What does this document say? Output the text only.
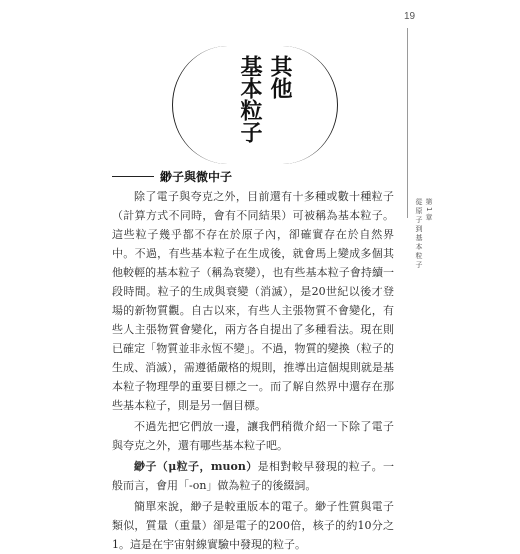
19
第1章
從原子到基本粒子
其他
基本粒子
緲子與微中子

除了電子與夸克之外，目前還有十多種或數十種粒子（計算方式不同時，會有不同結果）可被稱為基本粒子。這些粒子幾乎都不存在於原子內，卻確實存在於自然界中。不過，有些基本粒子在生成後，就會馬上變成多個其他較輕的基本粒子（稱為衰變），也有些基本粒子會持續一段時間。粒子的生成與衰變（消滅），是20世紀以後才登場的新物質觀。自古以來，有些人主張物質不會變化，有些人主張物質會變化，兩方各自提出了多種看法。現在則已確定「物質並非永恆不變」。不過，物質的變換（粒子的生成、消滅），需遵循嚴格的規則，推導出這個規則就是基本粒子物理學的重要目標之一。而了解自然界中還存在那些基本粒子，則是另一個目標。

不過先把它們放一邊，讓我們稍微介紹一下除了電子與夸克之外，還有哪些基本粒子吧。

緲子（μ粒子，muon）是相對較早發現的粒子。一般而言，會用「-on」做為粒子的後綴詞。

簡單來說，緲子是較重版本的電子。緲子性質與電子類似，質量（重量）卻是電子的200倍，核子的約10分之1。這是在宇宙射線實驗中發現的粒子。
